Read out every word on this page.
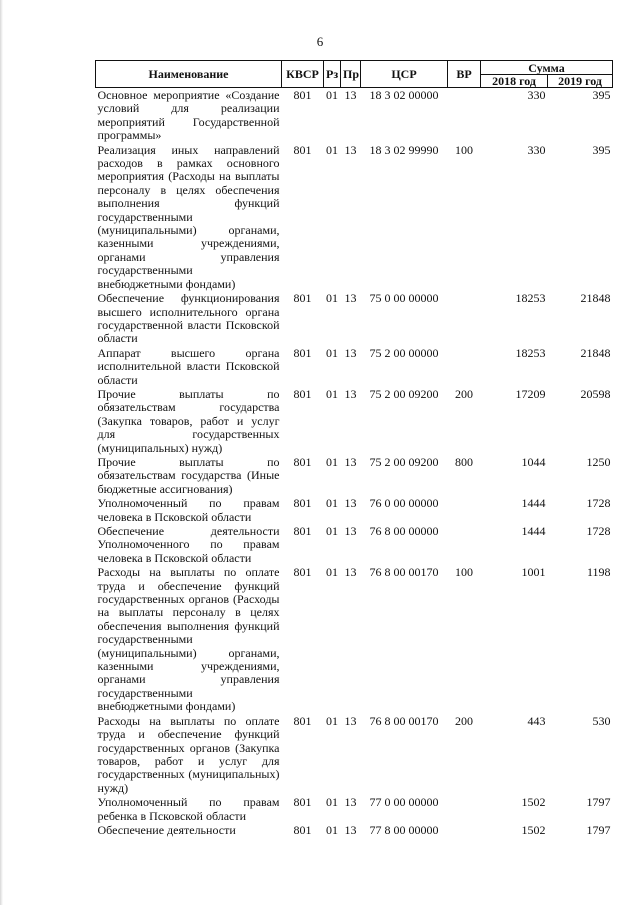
6
Наименование	КВСР	Рз	Пр	ЦСР	ВР	Сумма	
						2018 год	2019 год
Основное мероприятие «Создание условий для реализации мероприятий Государственной программы»	801	01	13	18 3 02 00000		330	395
Реализация иных направлений расходов в рамках основного мероприятия (Расходы на выплаты персоналу в целях обеспечения выполнения функций государственными (муниципальными) органами, казенными учреждениями, органами управления государственными внебюджетными фондами)	801	01	13	18 3 02 99990	100	330	395
Обеспечение функционирования высшего исполнительного органа государственной власти Псковской области	801	01	13	75 0 00 00000		18253	21848
Аппарат высшего органа исполнительной власти Псковской области	801	01	13	75 2 00 00000		18253	21848
Прочие выплаты по обязательствам государства (Закупка товаров, работ и услуг для государственных (муниципальных) нужд)	801	01	13	75 2 00 09200	200	17209	20598
Прочие выплаты по обязательствам государства (Иные бюджетные ассигнования)	801	01	13	75 2 00 09200	800	1044	1250
Уполномоченный по правам человека в Псковской области	801	01	13	76 0 00 00000		1444	1728
Обеспечение деятельности Уполномоченного по правам человека в Псковской области	801	01	13	76 8 00 00000		1444	1728
Расходы на выплаты по оплате труда и обеспечение функций государственных органов (Расходы на выплаты персоналу в целях обеспечения выполнения функций государственными (муниципальными) органами, казенными учреждениями, органами управления государственными внебюджетными фондами)	801	01	13	76 8 00 00170	100	1001	1198
Расходы на выплаты по оплате труда и обеспечение функций государственных органов (Закупка товаров, работ и услуг для государственных (муниципальных) нужд)	801	01	13	76 8 00 00170	200	443	530
Уполномоченный по правам ребенка в Псковской области	801	01	13	77 0 00 00000		1502	1797
Обеспечение деятельности	801	01	13	77 8 00 00000		1502	1797
